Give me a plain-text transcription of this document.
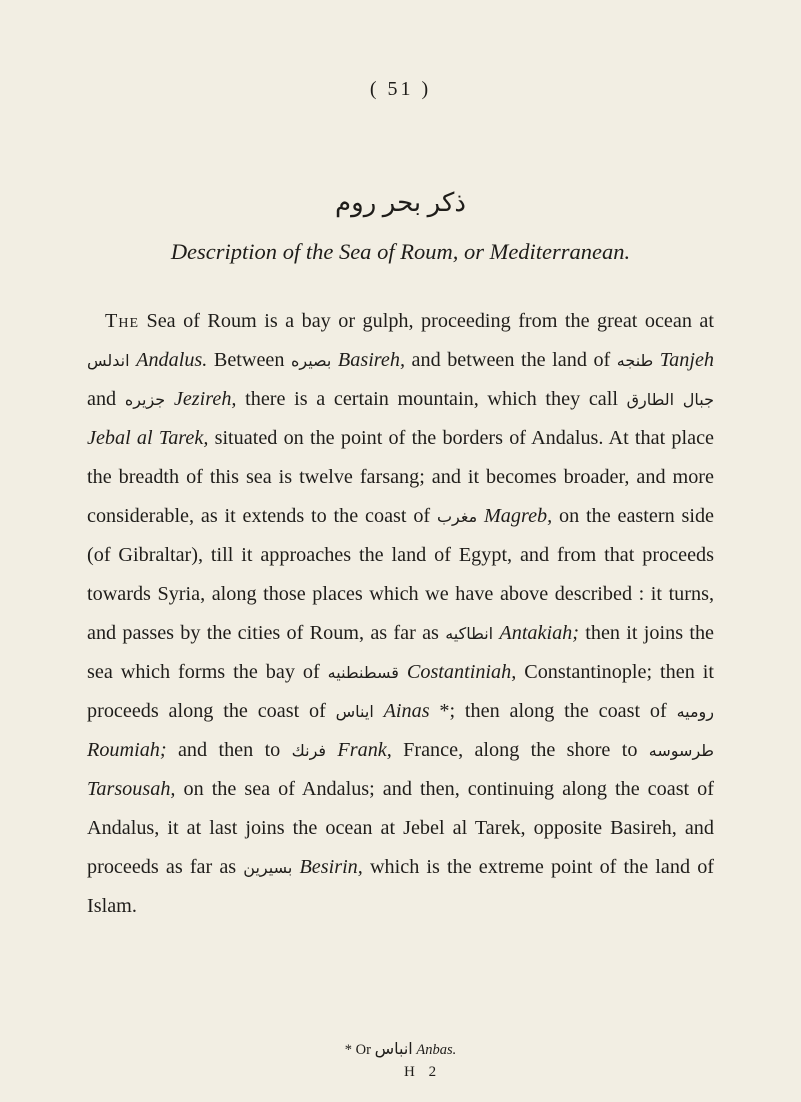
( 51 )
ذکر بحر روم
Description of the Sea of Roum, or Mediterranean.

The Sea of Roum is a bay or gulph, proceeding from the great ocean at اندلس Andalus. Between بصيره Basireh, and between the land of طنجه Tanjeh and جزيره Jezireh, there is a certain mountain, which they call جبال الطارق Jebal al Tarek, situated on the point of the borders of Andalus. At that place the breadth of this sea is twelve farsang; and it becomes broader, and more considerable, as it extends to the coast of مغرب Magreb, on the eastern side (of Gibraltar), till it approaches the land of Egypt, and from that proceeds towards Syria, along those places which we have above described : it turns, and passes by the cities of Roum, as far as انطاكيه Antakiah; then it joins the sea which forms the bay of قسطنطنيه Costantiniah, Constantinople; then it proceeds along the coast of ايناس Ainas *; then along the coast of روميه Roumiah; and then to فرنك Frank, France, along the shore to طرسوسه Tarsousah, on the sea of Andalus; and then, continuing along the coast of Andalus, it at last joins the ocean at Jebel al Tarek, opposite Basireh, and proceeds as far as بسيرين Besirin, which is the extreme point of the land of Islam.

* Or انباس Anbas.
H 2
